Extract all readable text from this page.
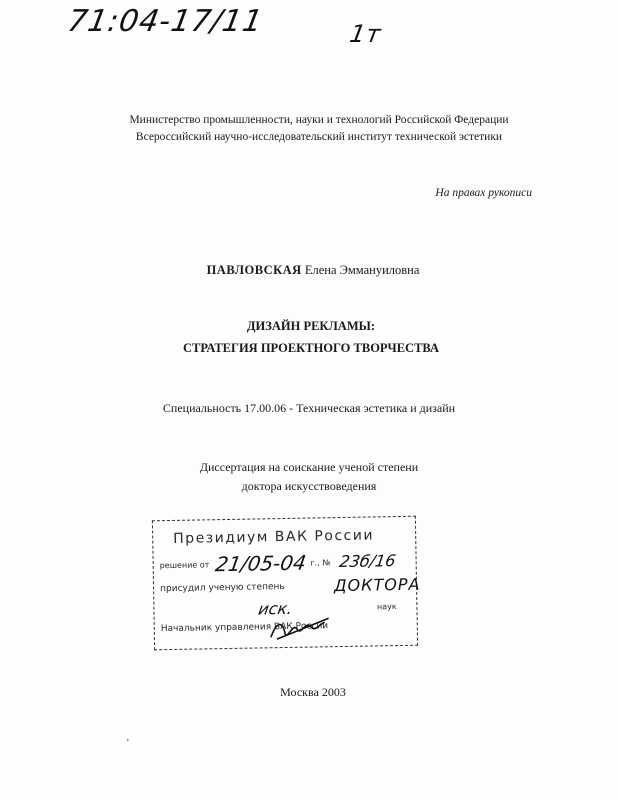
71:04-17/11	1т
Министерство промышленности, науки и технологий Российской Федерации
Всероссийский научно-исследовательский институт технической эстетики
На правах рукописи
ПАВЛОВСКАЯ Елена Эммануиловна
ДИЗАЙН РЕКЛАМЫ:
СТРАТЕГИЯ ПРОЕКТНОГО ТВОРЧЕСТВА
Специальность 17.00.06 - Техническая эстетика и дизайн
Диссертация на соискание ученой степени
доктора искусствоведения
Президиум ВАК России
решение от	г., №
присудил ученую степень
наук
Начальник управления ВАК России
21/05-04 23б/16
ДОКТОРА
иск.
Москва 2003
'
